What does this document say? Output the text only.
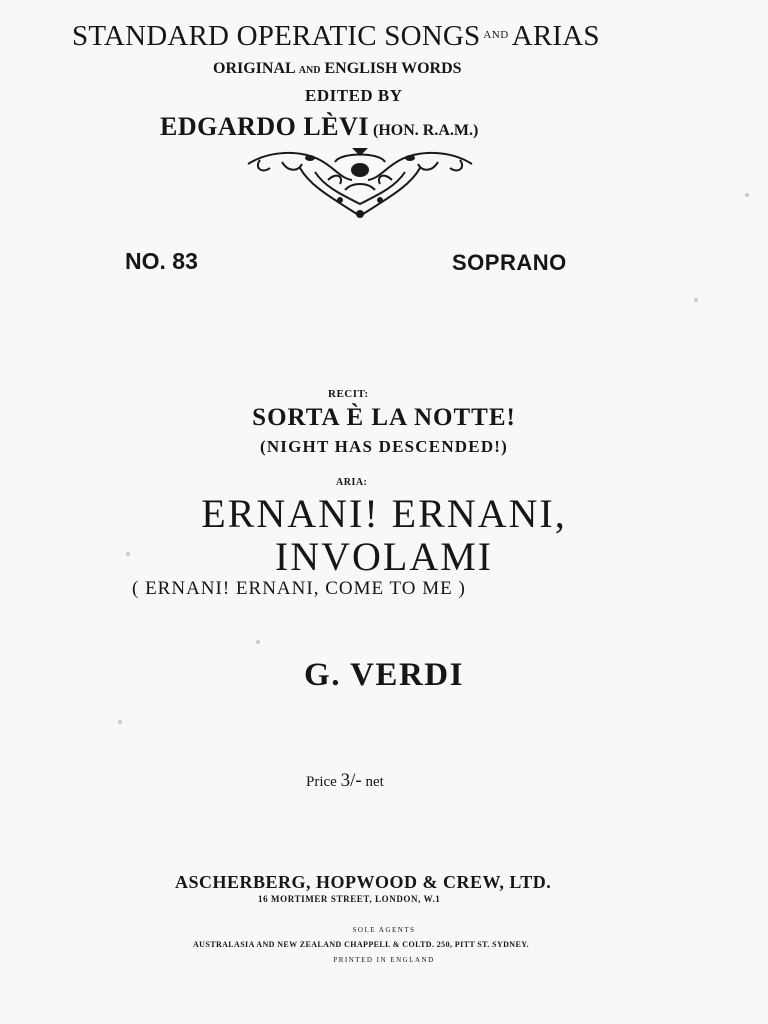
STANDARD OPERATIC SONGS $^{AND}$ ARIAS
ORIGINAL AND ENGLISH WORDS
EDITED BY
EDGARDO LÈVI (HON. R.A.M.)
NO. 83	SOPRANO
RECIT:
SORTA È LA NOTTE!
(NIGHT HAS DESCENDED!)
ARIA:
ERNANI! ERNANI,
INVOLAMI
( ERNANI! ERNANI, COME TO ME )
G. VERDI
Price 3/- net
ASCHERBERG, HOPWOOD & CREW, LTD.
16 MORTIMER STREET, LONDON, W.1
SOLE AGENTS
AUSTRALASIA AND NEW ZEALAND CHAPPELL & COLTD. 250, PITT ST. SYDNEY.
PRINTED IN ENGLAND
